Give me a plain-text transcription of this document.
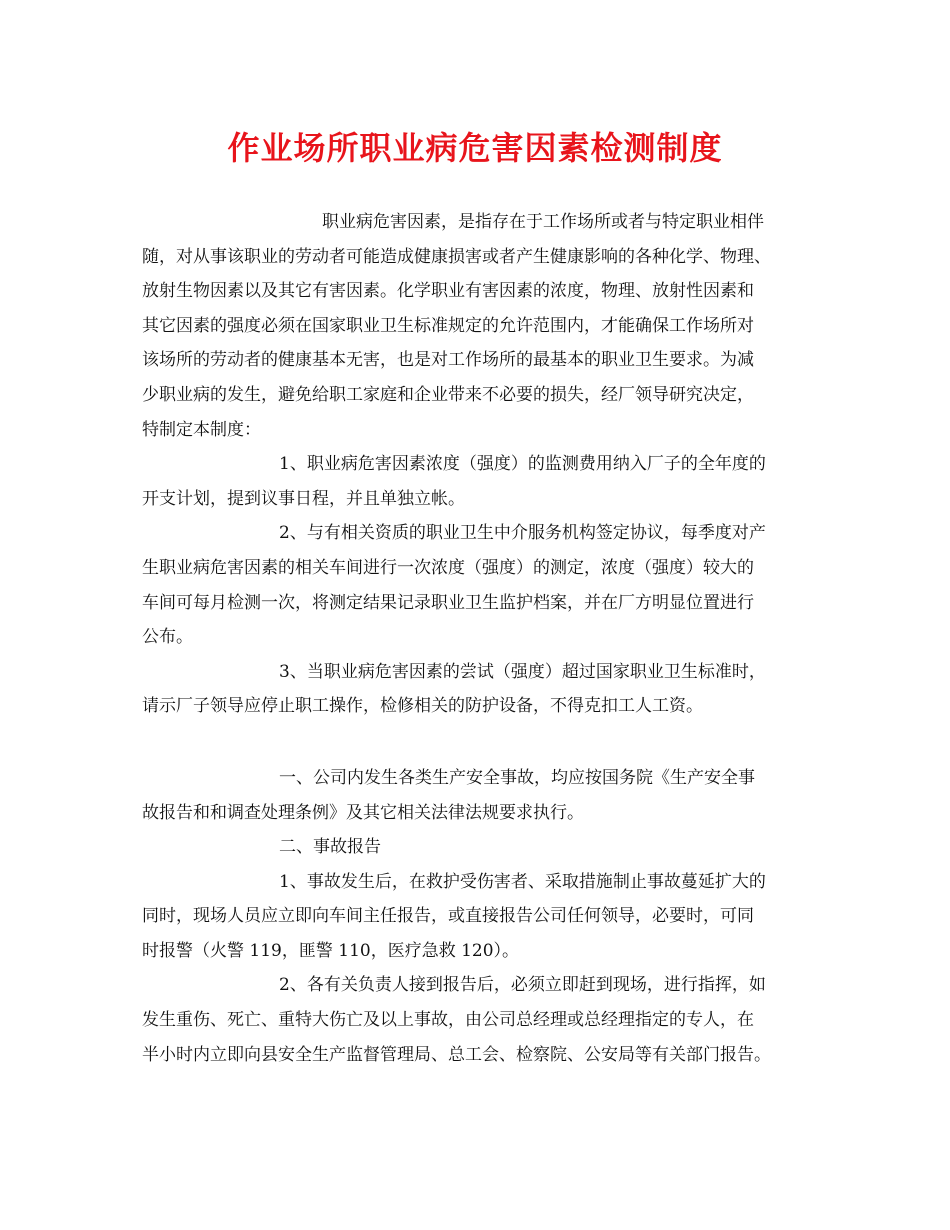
作业场所职业病危害因素检测制度

职业病危害因素，是指存在于工作场所或者与特定职业相伴

随，对从事该职业的劳动者可能造成健康损害或者产生健康影响的各种化学、物理、

放射生物因素以及其它有害因素。化学职业有害因素的浓度，物理、放射性因素和

其它因素的强度必须在国家职业卫生标准规定的允许范围内，才能确保工作场所对

该场所的劳动者的健康基本无害，也是对工作场所的最基本的职业卫生要求。为减

少职业病的发生，避免给职工家庭和企业带来不必要的损失，经厂领导研究决定，

特制定本制度：

1、职业病危害因素浓度（强度）的监测费用纳入厂子的全年度的

开支计划，提到议事日程，并且单独立帐。

2、与有相关资质的职业卫生中介服务机构签定协议，每季度对产

生职业病危害因素的相关车间进行一次浓度（强度）的测定，浓度（强度）较大的

车间可每月检测一次，将测定结果记录职业卫生监护档案，并在厂方明显位置进行

公布。

3、当职业病危害因素的尝试（强度）超过国家职业卫生标准时，

请示厂子领导应停止职工操作，检修相关的防护设备，不得克扣工人工资。

一、公司内发生各类生产安全事故，均应按国务院《生产安全事

故报告和和调查处理条例》及其它相关法律法规要求执行。

二、事故报告

1、事故发生后，在救护受伤害者、采取措施制止事故蔓延扩大的

同时，现场人员应立即向车间主任报告，或直接报告公司任何领导，必要时，可同

时报警（火警 119，匪警 110，医疗急救 120）。

2、各有关负责人接到报告后，必须立即赶到现场，进行指挥，如

发生重伤、死亡、重特大伤亡及以上事故，由公司总经理或总经理指定的专人，在

半小时内立即向县安全生产监督管理局、总工会、检察院、公安局等有关部门报告。
